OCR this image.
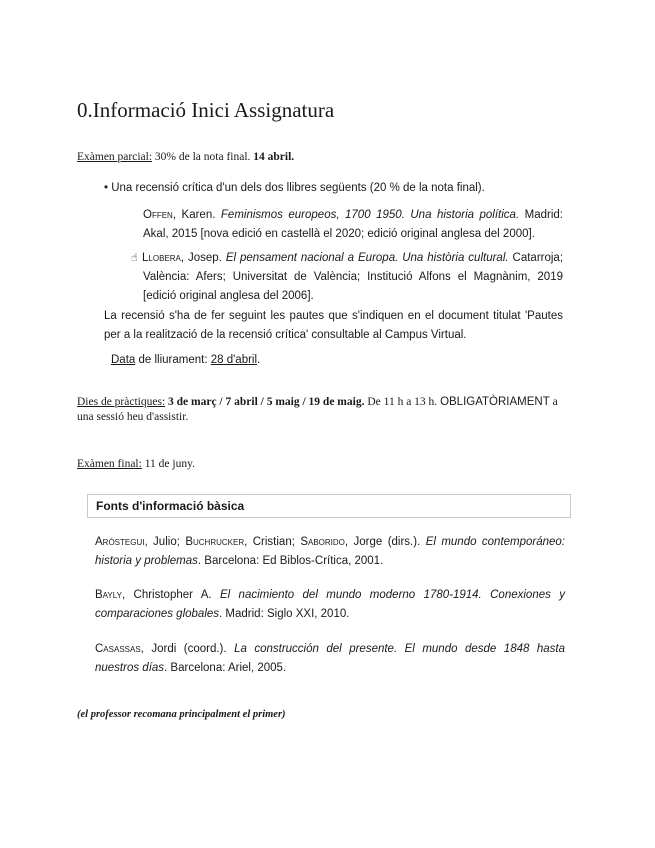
0.Informació Inici Assignatura
Exàmen parcial: 30% de la nota final. 14 abril.
• Una recensió crítica d'un dels dos llibres següents (20 % de la nota final).
Offen, Karen. Feminismos europeos, 1700 1950. Una historia política. Madrid:
Akal, 2015 [nova edició en castellà el 2020; edició original anglesa del 2000].
☝ Llobera, Josep. El pensament nacional a Europa. Una història cultural. Catarroja;
València: Afers; Universitat de València; Institució Alfons el Magnànim, 2019
[edició original anglesa del 2006].
La recensió s'ha de fer seguint les pautes que s'indiquen en el document titulat 'Pautes
per a la realització de la recensió crítica' consultable al Campus Virtual.
Data de lliurament: 28 d'abril.
Dies de pràctiques: 3 de març / 7 abril / 5 maig / 19 de maig. De 11 h a 13 h. OBLIGATÒRIAMENT a
una sessió heu d'assistir.
Exàmen final: 11 de juny.
Fonts d'informació bàsica
Aróstegui, Julio; Buchrucker, Cristian; Saborido, Jorge (dirs.). El mundo contemporáneo:
historia y problemas. Barcelona: Ed Biblos-Crítica, 2001.
Bayly, Christopher A. El nacimiento del mundo moderno 1780-1914. Conexiones y
comparaciones globales. Madrid: Siglo XXI, 2010.
Casassas, Jordi (coord.). La construcción del presente. El mundo desde 1848 hasta
nuestros días. Barcelona: Ariel, 2005.
(el professor recomana principalment el primer)
